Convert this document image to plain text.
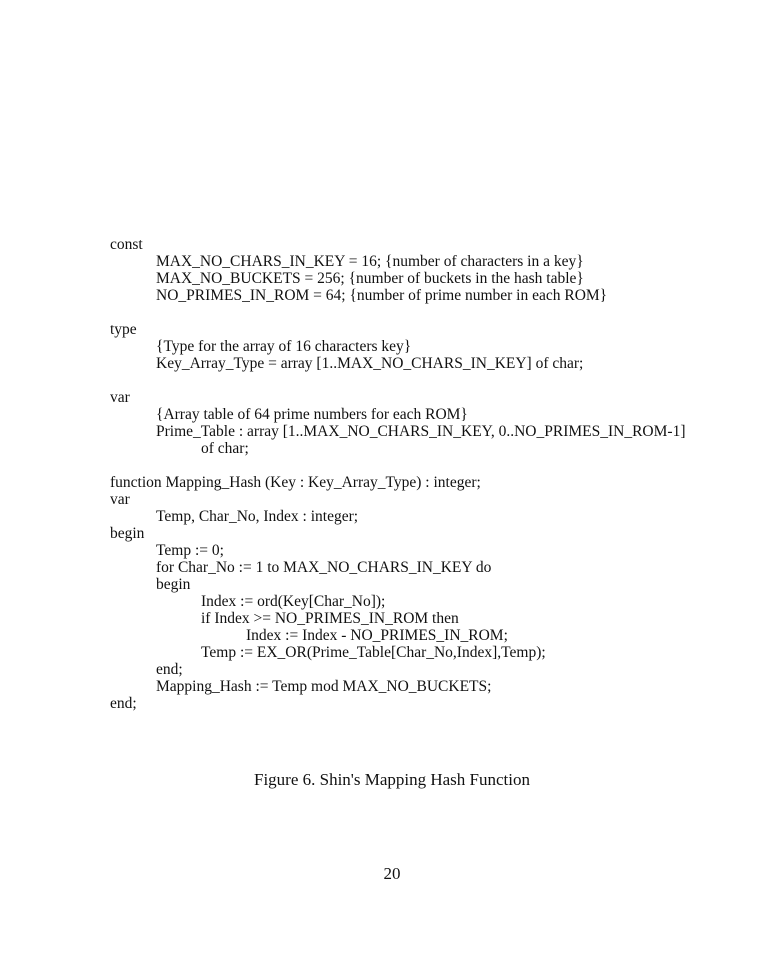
const
MAX_NO_CHARS_IN_KEY = 16; {number of characters in a key}
MAX_NO_BUCKETS = 256; {number of buckets in the hash table}
NO_PRIMES_IN_ROM = 64; {number of prime number in each ROM}
type
{Type for the array of 16 characters key}
Key_Array_Type = array [1..MAX_NO_CHARS_IN_KEY] of char;
var
{Array table of 64 prime numbers for each ROM}
Prime_Table : array [1..MAX_NO_CHARS_IN_KEY, 0..NO_PRIMES_IN_ROM-1]
of char;
function Mapping_Hash (Key : Key_Array_Type) : integer;
var
Temp, Char_No, Index : integer;
begin
Temp := 0;
for Char_No := 1 to MAX_NO_CHARS_IN_KEY do
begin
Index := ord(Key[Char_No]);
if Index >= NO_PRIMES_IN_ROM then
Index := Index - NO_PRIMES_IN_ROM;
Temp := EX_OR(Prime_Table[Char_No,Index],Temp);
end;
Mapping_Hash := Temp mod MAX_NO_BUCKETS;
end;
Figure 6. Shin's Mapping Hash Function
20
